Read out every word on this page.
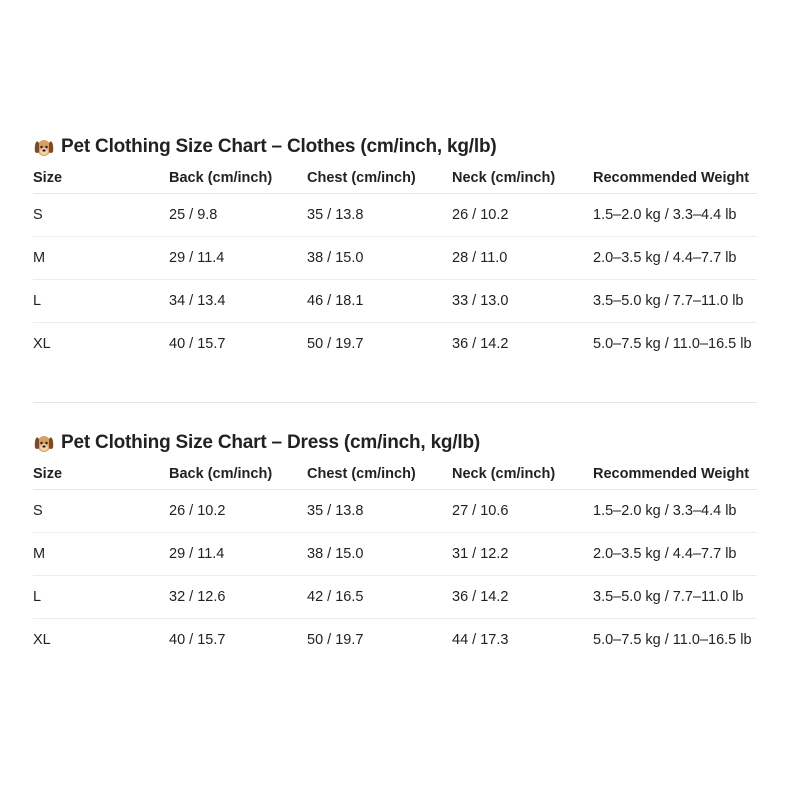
Pet Clothing Size Chart – Clothes (cm/inch, kg/lb)
Size	Back (cm/inch)	Chest (cm/inch)	Neck (cm/inch)	Recommended Weight
S	25 / 9.8	35 / 13.8	26 / 10.2	1.5–2.0 kg / 3.3–4.4 lb
M	29 / 11.4	38 / 15.0	28 / 11.0	2.0–3.5 kg / 4.4–7.7 lb
L	34 / 13.4	46 / 18.1	33 / 13.0	3.5–5.0 kg / 7.7–11.0 lb
XL	40 / 15.7	50 / 19.7	36 / 14.2	5.0–7.5 kg / 11.0–16.5 lb
Pet Clothing Size Chart – Dress (cm/inch, kg/lb)
Size	Back (cm/inch)	Chest (cm/inch)	Neck (cm/inch)	Recommended Weight
S	26 / 10.2	35 / 13.8	27 / 10.6	1.5–2.0 kg / 3.3–4.4 lb
M	29 / 11.4	38 / 15.0	31 / 12.2	2.0–3.5 kg / 4.4–7.7 lb
L	32 / 12.6	42 / 16.5	36 / 14.2	3.5–5.0 kg / 7.7–11.0 lb
XL	40 / 15.7	50 / 19.7	44 / 17.3	5.0–7.5 kg / 11.0–16.5 lb
